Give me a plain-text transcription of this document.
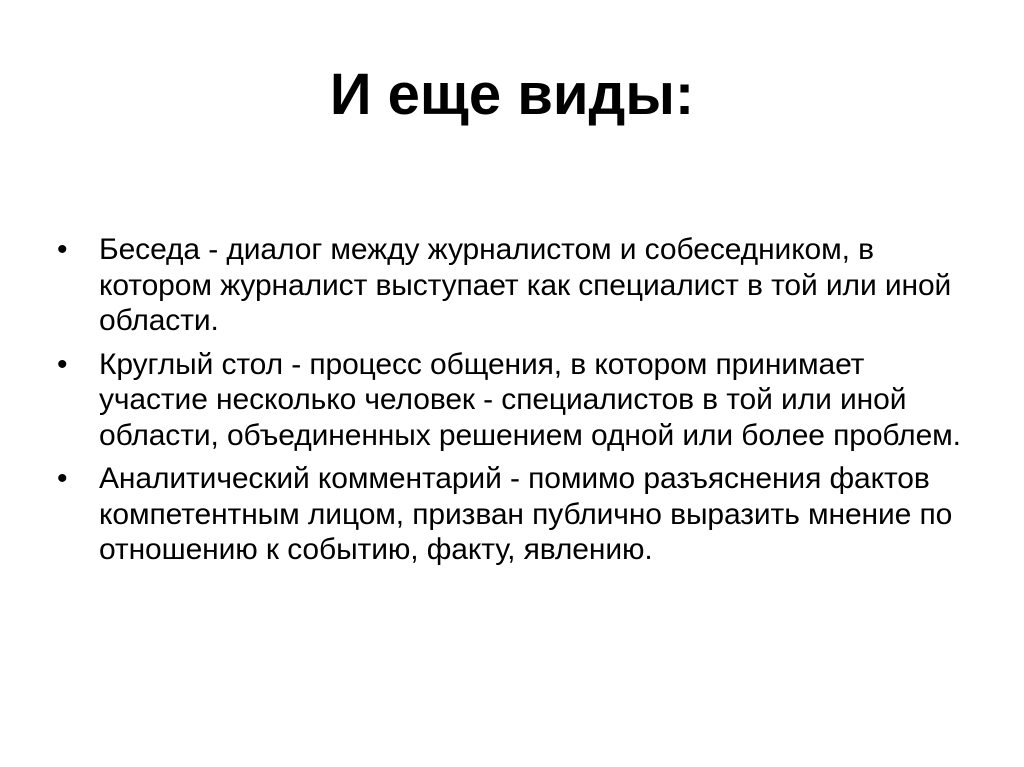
И еще виды:
•	Беседа - диалог между журналистом и собеседником, в котором журналист выступает как специалист в той или иной области.
•	Круглый стол - процесс общения, в котором принимает участие несколько человек - специалистов в той или иной области, объединенных решением одной или более проблем.
•	Аналитический комментарий - помимо разъяснения фактов компетентным лицом, призван публично выразить мнение по отношению к событию, факту, явлению.
